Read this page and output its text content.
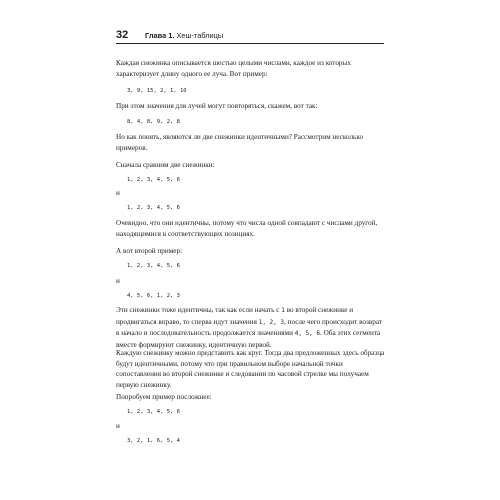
32 Глава 1. Хеш-таблицы

Каждая снежинка описывается шестью целыми числами, каждое из которых характеризует длину одного ее луча. Вот пример:

3, 9, 15, 2, 1, 10

При этом значения для лучей могут повторяться, скажем, вот так:

8, 4, 8, 9, 2, 8

Но как понять, являются ли две снежинки идентичными? Рассмотрим несколько примеров.

Сначала сравним две снежинки:

1, 2, 3, 4, 5, 6

и

1, 2, 3, 4, 5, 6

Очевидно, что они идентичны, потому что числа одной совпадают с числами другой, находящимися в соответствующих позициях.

А вот второй пример:

1, 2, 3, 4, 5, 6

и

4, 5, 6, 1, 2, 3

Эти снежинки тоже идентичны, так как если начать с 1 во второй снежинке и продвигаться вправо, то сперва идут значения 1, 2, 3, после чего происходит возврат в начало и последовательность продолжается значениями 4, 5, 6. Оба этих сегмента вместе формируют снежинку, идентичную первой.

Каждую снежинку можно представить как круг. Тогда два предложенных здесь образца будут идентичными, потому что при правильном выборе начальной точки сопоставления во второй снежинке и следовании по часовой стрелке мы получаем первую снежинку.

Попробуем пример посложнее:

1, 2, 3, 4, 5, 6

и

3, 2, 1, 6, 5, 4
